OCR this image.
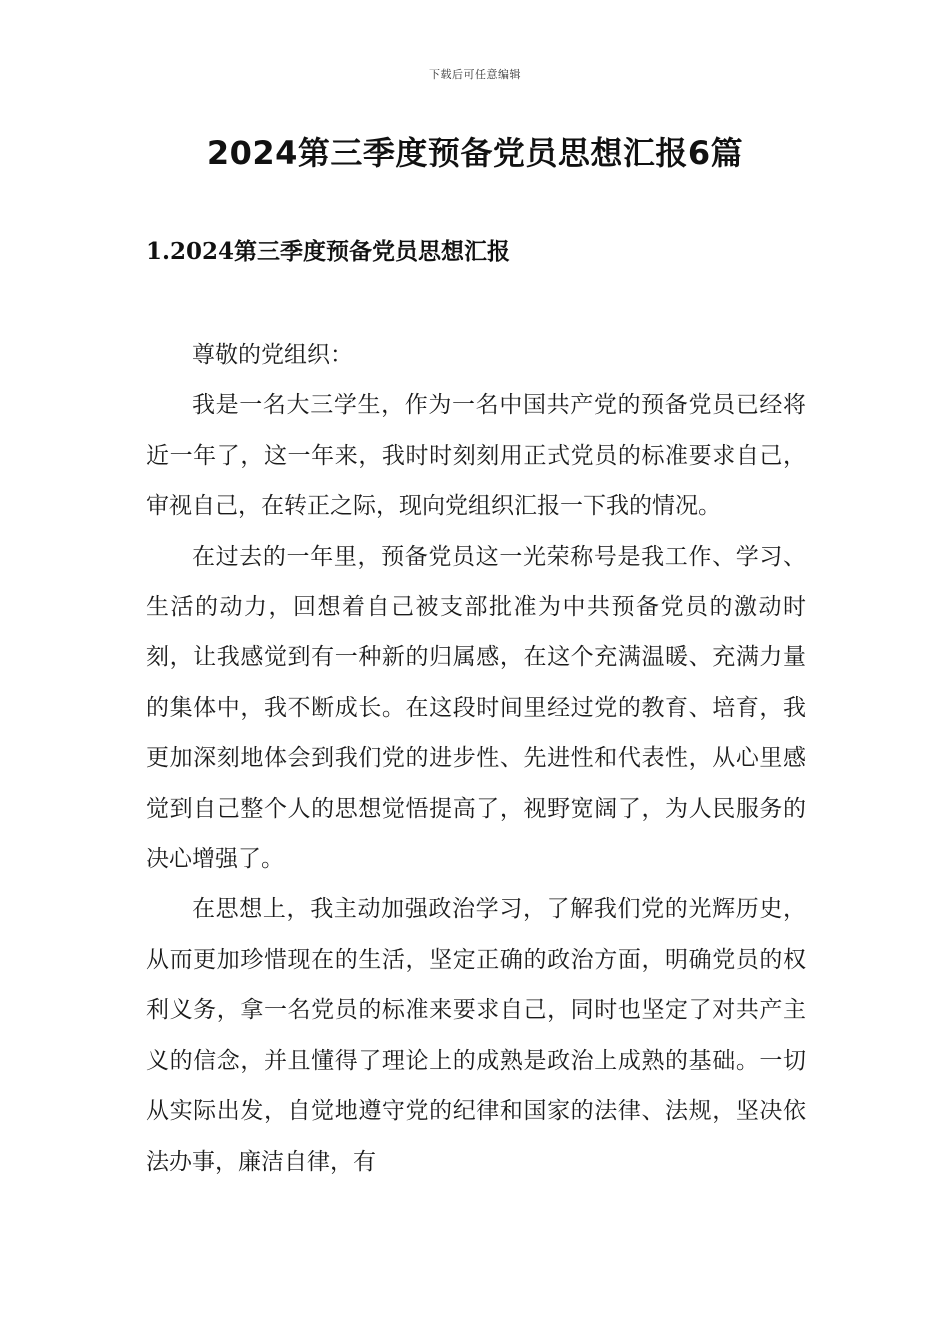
下载后可任意编辑
2024第三季度预备党员思想汇报6篇
1.2024第三季度预备党员思想汇报

尊敬的党组织：

我是一名大三学生，作为一名中国共产党的预备党员已经将近一年了，这一年来，我时时刻刻用正式党员的标准要求自己，审视自己，在转正之际，现向党组织汇报一下我的情况。

在过去的一年里，预备党员这一光荣称号是我工作、学习、生活的动力，回想着自己被支部批准为中共预备党员的激动时刻，让我感觉到有一种新的归属感，在这个充满温暖、充满力量的集体中，我不断成长。在这段时间里经过党的教育、培育，我更加深刻地体会到我们党的进步性、先进性和代表性，从心里感觉到自己整个人的思想觉悟提高了，视野宽阔了，为人民服务的决心增强了。

在思想上，我主动加强政治学习，了解我们党的光辉历史，从而更加珍惜现在的生活，坚定正确的政治方面，明确党员的权利义务，拿一名党员的标准来要求自己，同时也坚定了对共产主义的信念，并且懂得了理论上的成熟是政治上成熟的基础。一切从实际出发，自觉地遵守党的纪律和国家的法律、法规，坚决依法办事，廉洁自律，有
